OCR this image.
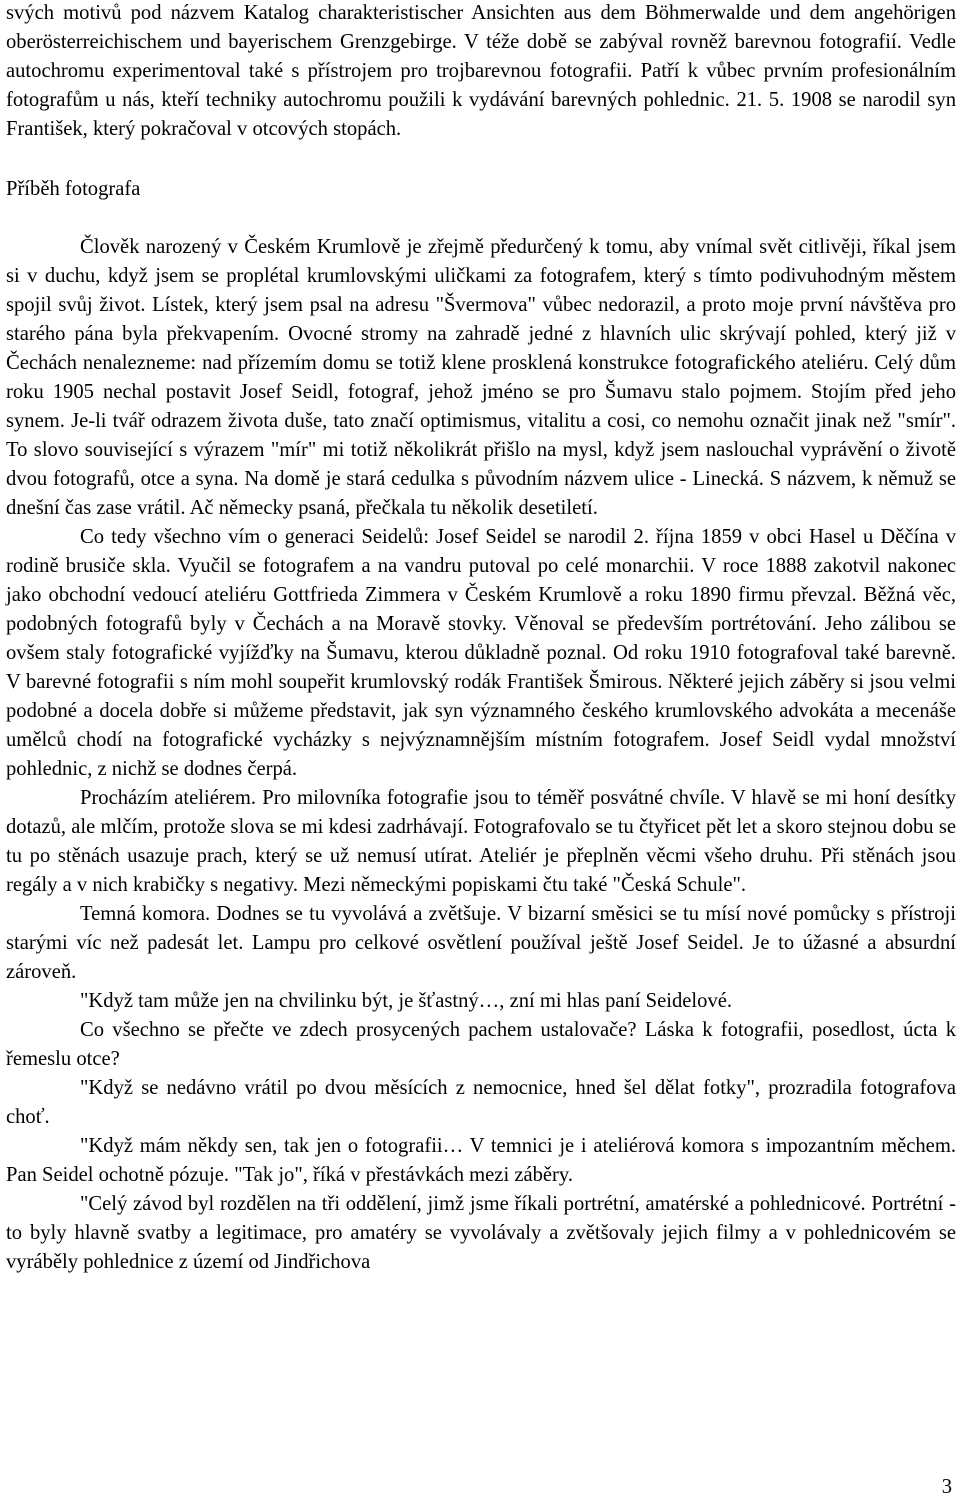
svých motivů pod názvem Katalog charakteristischer Ansichten aus dem Böhmerwalde und dem angehörigen oberösterreichischem und bayerischem Grenzgebirge. V téže době se zabýval rovněž barevnou fotografií. Vedle autochromu experimentoval také s přístrojem pro trojbarevnou fotografii. Patří k vůbec prvním profesionálním fotografům u nás, kteří techniky autochromu použili k vydávání barevných pohlednic. 21. 5. 1908 se narodil syn František, který pokračoval v otcových stopách.

Příběh fotografa

Člověk narozený v Českém Krumlově je zřejmě předurčený k tomu, aby vnímal svět citlivěji, říkal jsem si v duchu, když jsem se proplétal krumlovskými uličkami za fotografem, který s tímto podivuhodným městem spojil svůj život. Lístek, který jsem psal na adresu "Švermova" vůbec nedorazil, a proto moje první návštěva pro starého pána byla překvapením. Ovocné stromy na zahradě jedné z hlavních ulic skrývají pohled, který již v Čechách nenalezneme: nad přízemím domu se totiž klene prosklená konstrukce fotografického ateliéru. Celý dům roku 1905 nechal postavit Josef Seidl, fotograf, jehož jméno se pro Šumavu stalo pojmem. Stojím před jeho synem. Je-li tvář odrazem života duše, tato značí optimismus, vitalitu a cosi, co nemohu označit jinak než "smír". To slovo související s výrazem "mír" mi totiž několikrát přišlo na mysl, když jsem naslouchal vyprávění o životě dvou fotografů, otce a syna. Na domě je stará cedulka s původním názvem ulice - Linecká. S názvem, k němuž se dnešní čas zase vrátil. Ač německy psaná, přečkala tu několik desetiletí.

Co tedy všechno vím o generaci Seidelů: Josef Seidel se narodil 2. října 1859 v obci Hasel u Děčína v rodině brusiče skla. Vyučil se fotografem a na vandru putoval po celé monarchii. V roce 1888 zakotvil nakonec jako obchodní vedoucí ateliéru Gottfrieda Zimmera v Českém Krumlově a roku 1890 firmu převzal. Běžná věc, podobných fotografů byly v Čechách a na Moravě stovky. Věnoval se především portrétování. Jeho zálibou se ovšem staly fotografické vyjížďky na Šumavu, kterou důkladně poznal. Od roku 1910 fotografoval také barevně. V barevné fotografii s ním mohl soupeřit krumlovský rodák František Šmirous. Některé jejich záběry si jsou velmi podobné a docela dobře si můžeme představit, jak syn významného českého krumlovského advokáta a mecenáše umělců chodí na fotografické vycházky s nejvýznamnějším místním fotografem. Josef Seidl vydal množství pohlednic, z nichž se dodnes čerpá.

Procházím ateliérem. Pro milovníka fotografie jsou to téměř posvátné chvíle. V hlavě se mi honí desítky dotazů, ale mlčím, protože slova se mi kdesi zadrhávají. Fotografovalo se tu čtyřicet pět let a skoro stejnou dobu se tu po stěnách usazuje prach, který se už nemusí utírat. Ateliér je přeplněn věcmi všeho druhu. Při stěnách jsou regály a v nich krabičky s negativy. Mezi německými popiskami čtu také "Česká Schule".

Temná komora. Dodnes se tu vyvolává a zvětšuje. V bizarní směsici se tu mísí nové pomůcky s přístroji starými víc než padesát let. Lampu pro celkové osvětlení používal ještě Josef Seidel. Je to úžasné a absurdní zároveň.

"Když tam může jen na chvilinku být, je šťastný…, zní mi hlas paní Seidelové.

Co všechno se přečte ve zdech prosycených pachem ustalovače? Láska k fotografii, posedlost, úcta k řemeslu otce?

"Když se nedávno vrátil po dvou měsících z nemocnice, hned šel dělat fotky", prozradila fotografova choť.

"Když mám někdy sen, tak jen o fotografii… V temnici je i ateliérová komora s impozantním měchem. Pan Seidel ochotně pózuje. "Tak jo", říká v přestávkách mezi záběry.

"Celý závod byl rozdělen na tři oddělení, jimž jsme říkali portrétní, amatérské a pohlednicové. Portrétní - to byly hlavně svatby a legitimace, pro amatéry se vyvolávaly a zvětšovaly jejich filmy a v pohlednicovém se vyráběly pohlednice z území od Jindřichova

3
